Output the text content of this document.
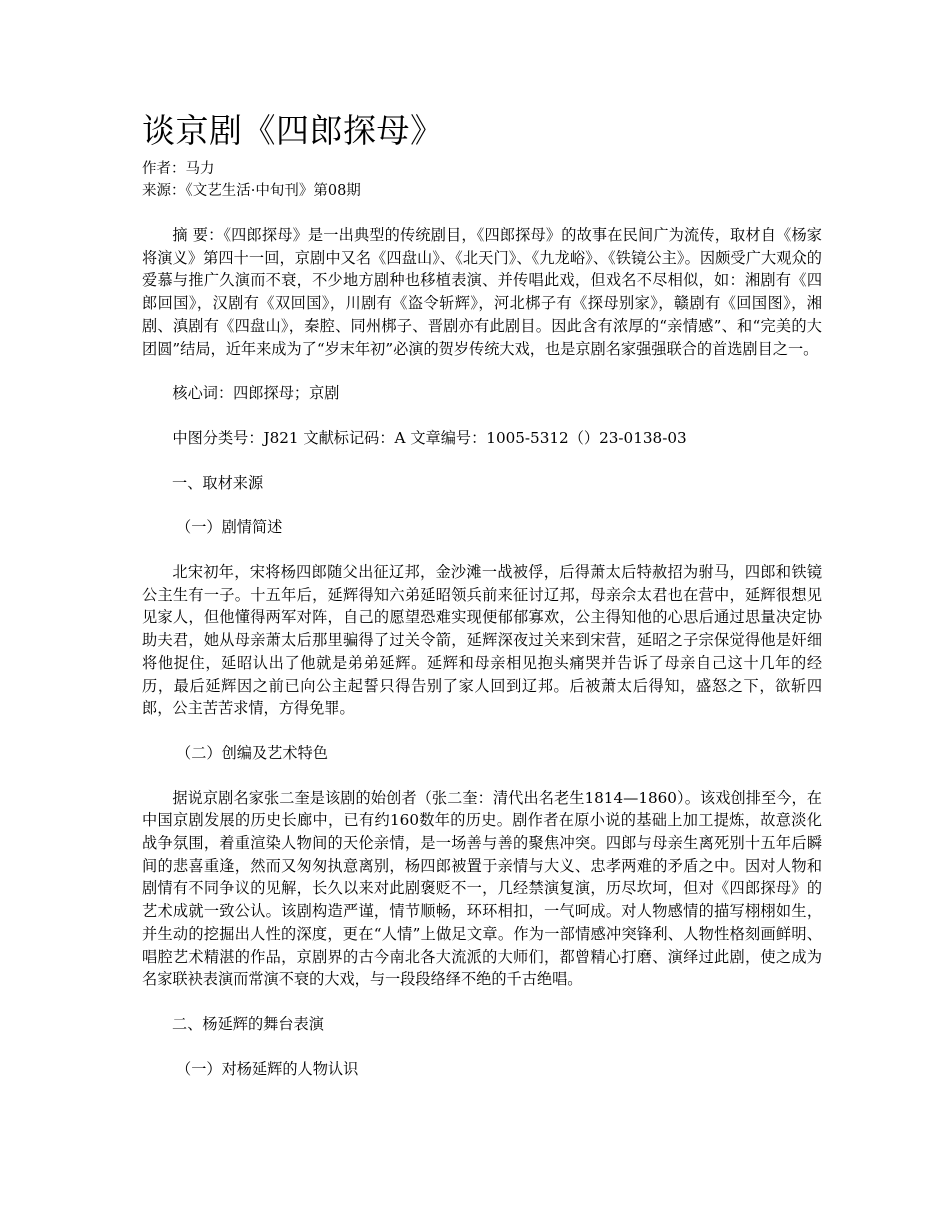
谈京剧《四郎探母》

作者：马力

来源：《文艺生活·中旬刊》第08期

摘 要：《四郎探母》是一出典型的传统剧目，《四郎探母》的故事在民间广为流传，取材自《杨家将演义》第四十一回，京剧中又名《四盘山》、《北天门》、《九龙峪》、《铁镜公主》。因颇受广大观众的爱慕与推广久演而不衰，不少地方剧种也移植表演、并传唱此戏，但戏名不尽相似，如：湘剧有《四郎回国》，汉剧有《双回国》，川剧有《盗令斩辉》，河北梆子有《探母别家》，赣剧有《回国图》，湘剧、滇剧有《四盘山》，秦腔、同州梆子、晋剧亦有此剧目。因此含有浓厚的“亲情感”、和“完美的大团圆”结局，近年来成为了“岁末年初”必演的贺岁传统大戏，也是京剧名家强强联合的首选剧目之一。

核心词：四郎探母；京剧

中图分类号：J821 文献标记码：A 文章编号：1005-5312（）23-0138-03

一、取材来源

（一）剧情简述

北宋初年，宋将杨四郎随父出征辽邦，金沙滩一战被俘，后得萧太后特赦招为驸马，四郎和铁镜公主生有一子。十五年后，延辉得知六弟延昭领兵前来征讨辽邦，母亲佘太君也在营中，延辉很想见见家人，但他懂得两军对阵，自己的愿望恐难实现便郁郁寡欢，公主得知他的心思后通过思量决定协助夫君，她从母亲萧太后那里骗得了过关令箭，延辉深夜过关来到宋营，延昭之子宗保觉得他是奸细将他捉住，延昭认出了他就是弟弟延辉。延辉和母亲相见抱头痛哭并告诉了母亲自己这十几年的经历，最后延辉因之前已向公主起誓只得告别了家人回到辽邦。后被萧太后得知，盛怒之下，欲斩四郎，公主苦苦求情，方得免罪。

（二）创编及艺术特色

据说京剧名家张二奎是该剧的始创者（张二奎：清代出名老生1814—1860）。该戏创排至今，在中国京剧发展的历史长廊中，已有约160数年的历史。剧作者在原小说的基础上加工提炼，故意淡化战争氛围，着重渲染人物间的天伦亲情，是一场善与善的聚焦冲突。四郎与母亲生离死别十五年后瞬间的悲喜重逢，然而又匆匆执意离别，杨四郎被置于亲情与大义、忠孝两难的矛盾之中。因对人物和剧情有不同争议的见解，长久以来对此剧褒贬不一，几经禁演复演，历尽坎坷，但对《四郎探母》的艺术成就一致公认。该剧构造严谨，情节顺畅，环环相扣，一气呵成。对人物感情的描写栩栩如生，并生动的挖掘出人性的深度，更在“人情”上做足文章。作为一部情感冲突锋利、人物性格刻画鲜明、唱腔艺术精湛的作品，京剧界的古今南北各大流派的大师们，都曾精心打磨、演绎过此剧，使之成为名家联袂表演而常演不衰的大戏，与一段段络绎不绝的千古绝唱。

二、杨延辉的舞台表演

（一）对杨延辉的人物认识
